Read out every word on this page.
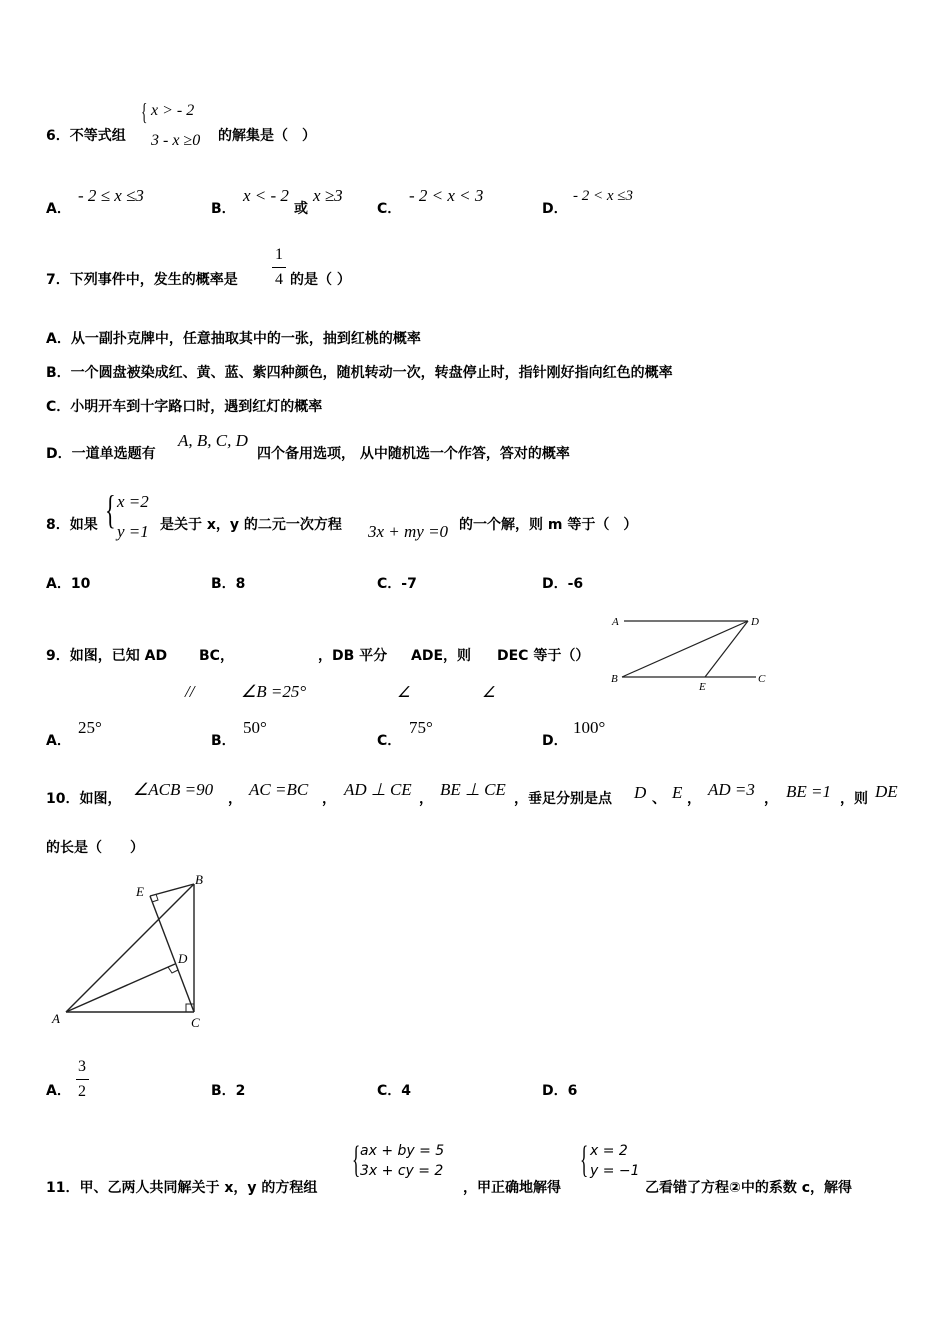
6．不等式组
{ x > - 2
3 - x ≥0 的解集是（　）
A．
- 2 ≤ x ≤3
B．
x < - 2
或
x ≥3
C．
- 2 < x < 3
D．
- 2 < x ≤3
7．下列事件中，发生的概率是
1
4 的是（ ）
A．从一副扑克牌中，任意抽取其中的一张，抽到红桃的概率
B．一个圆盘被染成红、黄、蓝、紫四种颜色，随机转动一次，转盘停止时，指针刚好指向红色的概率
C．小明开车到十字路口时，遇到红灯的概率
D．一道单选题有
A, B, C, D
四个备用选项， 从中随机选一个作答，答对的概率
8．如果 { x =2
y =1 是关于 x，y 的二元一次方程 3x + my =0 的一个解，则 m 等于（　）
A．10	B．8	C．-7	D．-6
9．如图，已知 AD BC，	，DB 平分 ADE，则 DEC 等于（）
//	∠B =25°	∠	∠
A	D
B
E
C
A．
25°
B．
50°
C．
75°
D．
100°
10．如图， ∠ACB =90 ， AC =BC ， AD ⊥ CE ， BE ⊥ CE ，垂足分别是点 D 、 E ， AD =3 ， BE =1 ，则 DE
的长是（　　）
E
B
D
A	C
A．
3
2	B．2	C．4	D．6
11．甲、乙两人共同解关于 x，y 的方程组
{ ax + by = 5
3x + cy = 2
，甲正确地解得
{ x = 2
y = −1
乙看错了方程②中的系数 c，解得
